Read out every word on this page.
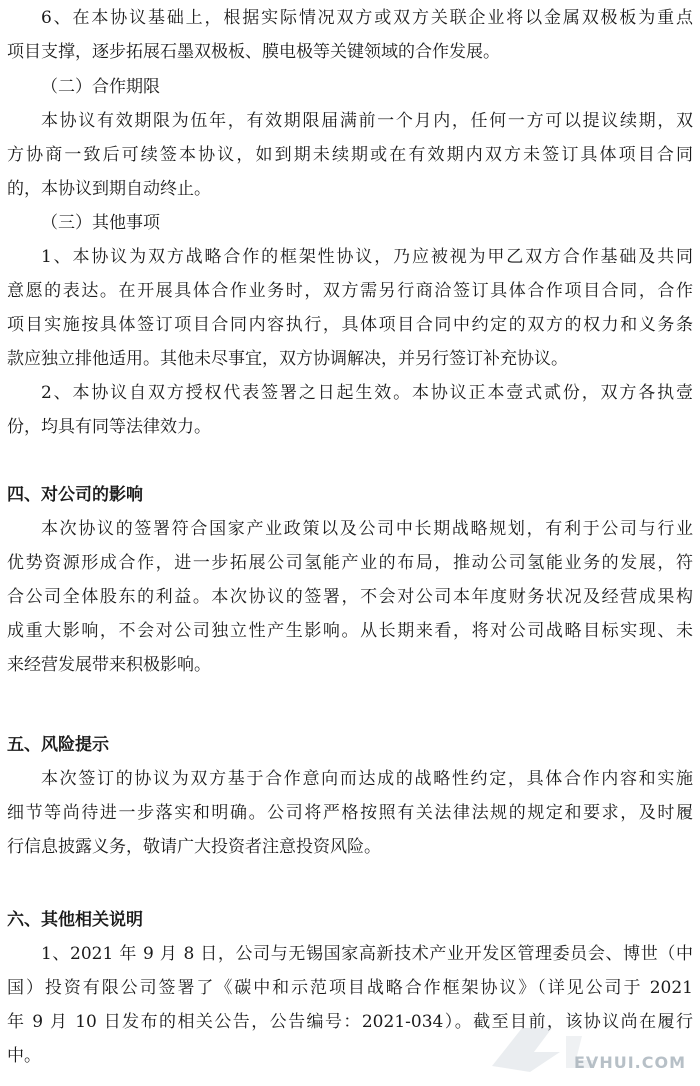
6、在本协议基础上，根据实际情况双方或双方关联企业将以金属双极板为重点
项目支撑，逐步拓展石墨双极板、膜电极等关键领域的合作发展。
（二）合作期限
本协议有效期限为伍年，有效期限届满前一个月内，任何一方可以提议续期，双
方协商一致后可续签本协议，如到期未续期或在有效期内双方未签订具体项目合同
的，本协议到期自动终止。
（三）其他事项
1、本协议为双方战略合作的框架性协议，乃应被视为甲乙双方合作基础及共同
意愿的表达。在开展具体合作业务时，双方需另行商洽签订具体合作项目合同，合作
项目实施按具体签订项目合同内容执行，具体项目合同中约定的双方的权力和义务条
款应独立排他适用。其他未尽事宜，双方协调解决，并另行签订补充协议。
2、本协议自双方授权代表签署之日起生效。本协议正本壹式贰份，双方各执壹
份，均具有同等法律效力。
四、对公司的影响
本次协议的签署符合国家产业政策以及公司中长期战略规划，有利于公司与行业
优势资源形成合作，进一步拓展公司氢能产业的布局，推动公司氢能业务的发展，符
合公司全体股东的利益。本次协议的签署，不会对公司本年度财务状况及经营成果构
成重大影响，不会对公司独立性产生影响。从长期来看，将对公司战略目标实现、未
来经营发展带来积极影响。
五、风险提示
本次签订的协议为双方基于合作意向而达成的战略性约定，具体合作内容和实施
细节等尚待进一步落实和明确。公司将严格按照有关法律法规的规定和要求，及时履
行信息披露义务，敬请广大投资者注意投资风险。
六、其他相关说明
1、2021 年 9 月 8 日，公司与无锡国家高新技术产业开发区管理委员会、博世（中
国）投资有限公司签署了《碳中和示范项目战略合作框架协议》（详见公司于 2021
年 9 月 10 日发布的相关公告，公告编号：2021-034）。截至目前，该协议尚在履行
中。	EVHUI.COM
